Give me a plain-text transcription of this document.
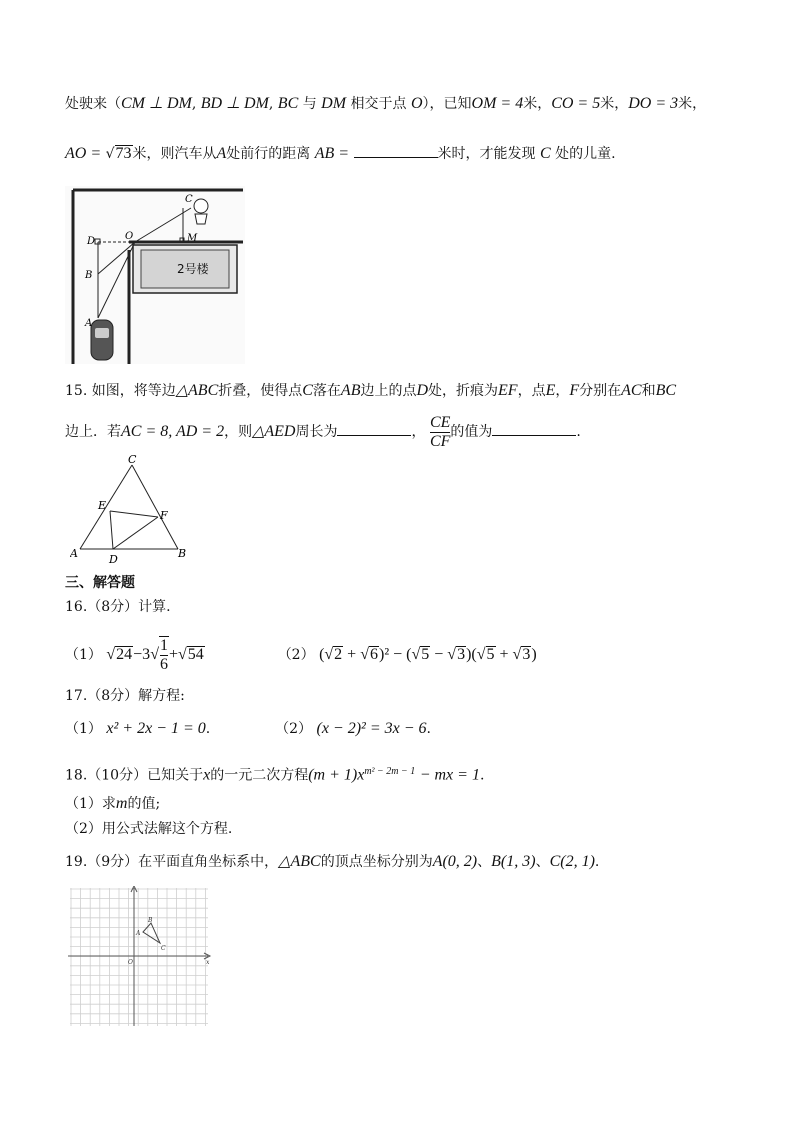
处驶来（CM ⊥ DM, BD ⊥ DM, BC 与 DM 相交于点 O），已知OM = 4米，CO = 5米，DO = 3米，
AO = √73米，则汽车从A处前行的距离 AB =	米时，才能发现 C 处的儿童.
2号楼
C
M
D	O
B
A
15. 如图，将等边△ABC折叠，使得点C落在AB边上的点D处，折痕为EF，点E，F分别在AC和BC
边上．若AC = 8, AD = 2，则△AED周长为	， $\frac{CE}{CF}$ 的值为	.
C
E
F
A	D	B
三、解答题
16.（8分）计算.
（1） $√24-3√ \frac{1}{6} +√54$	（2） (√2 + √6)² − (√5 − √3)(√5 + √3)
17.（8分）解方程:
（1） x² + 2x − 1 = 0.	（2） (x − 2)² = 3x − 6.
18.（10分）已知关于x的一元二次方程$(m + 1)x^{m^2 - 2m - 1}$ − mx = 1.
（1）求m的值;
（2）用公式法解这个方程.
19.（9分）在平面直角坐标系中，△ABC的顶点坐标分别为A(0, 2)、B(1, 3)、C(2, 1).
A
B
C
O	x
